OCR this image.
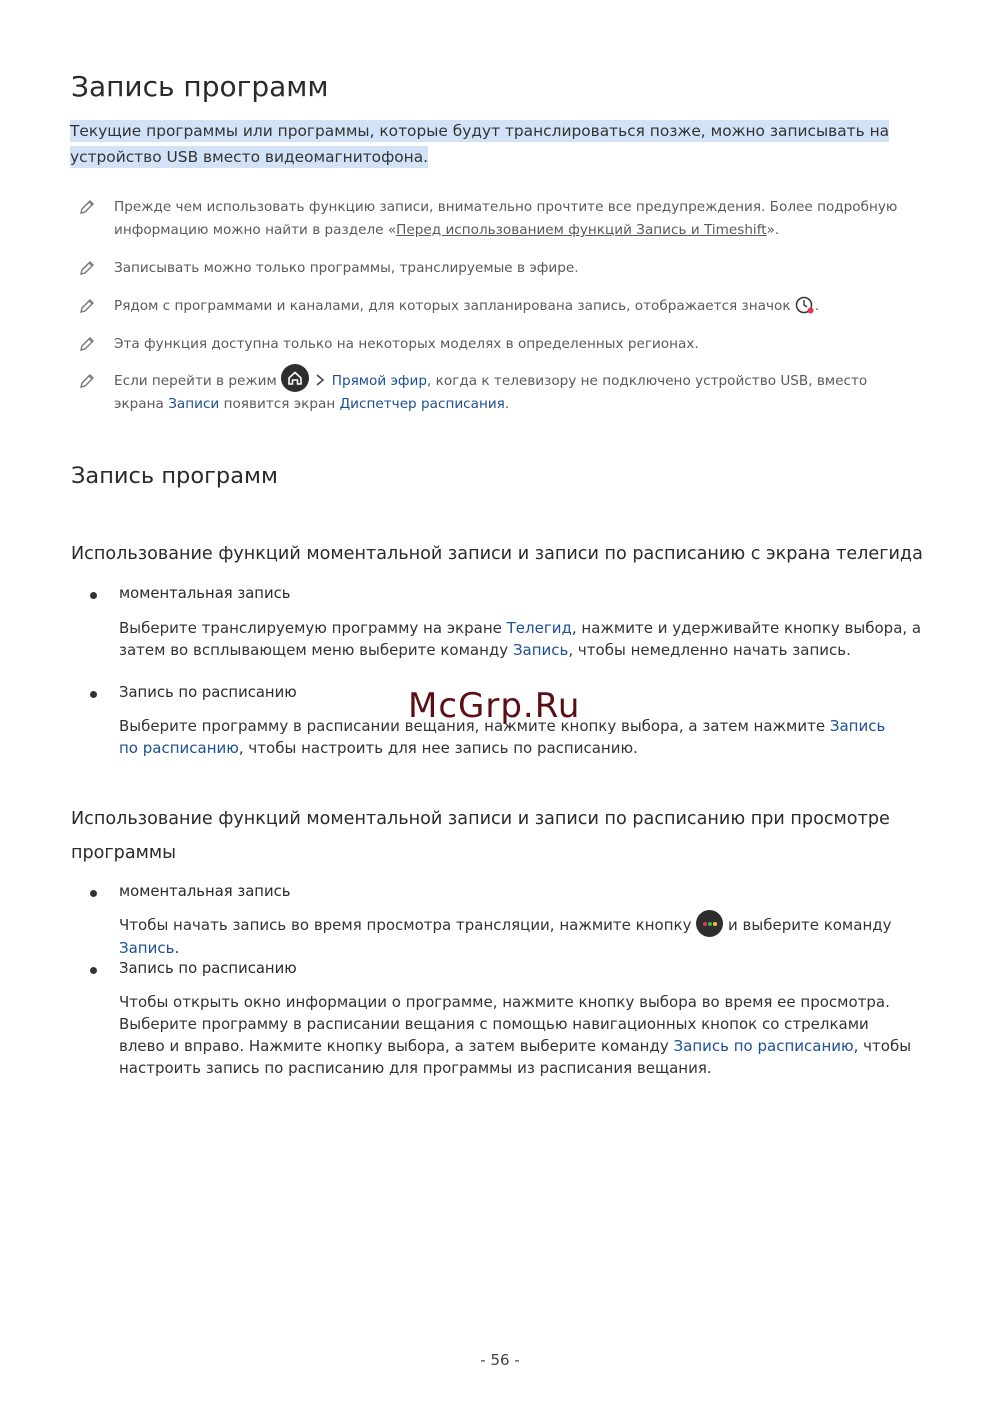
Запись программ
Текущие программы или программы, которые будут транслироваться позже, можно записывать на устройство USB вместо видеомагнитофона.
Прежде чем использовать функцию записи, внимательно прочтите все предупреждения. Более подробную информацию можно найти в разделе «Перед использованием функций Запись и Timeshift».
Записывать можно только программы, транслируемые в эфире.
Рядом с программами и каналами, для которых запланирована запись, отображается значок .
Эта функция доступна только на некоторых моделях в определенных регионах.
Если перейти в режим	Прямой эфир, когда к телевизору не подключено устройство USB, вместо экрана Записи появится экран Диспетчер расписания.
Запись программ
Использование функций моментальной записи и записи по расписанию с экрана телегида
моментальная запись
Выберите транслируемую программу на экране Телегид, нажмите и удерживайте кнопку выбора, а затем во всплывающем меню выберите команду Запись, чтобы немедленно начать запись.
Запись по расписанию
Выберите программу в расписании вещания, нажмите кнопку выбора, а затем нажмите Запись по расписанию, чтобы настроить для нее запись по расписанию.
Использование функций моментальной записи и записи по расписанию при просмотре программы
моментальная запись
Чтобы начать запись во время просмотра трансляции, нажмите кнопку и выберите команду Запись.
Запись по расписанию
Чтобы открыть окно информации о программе, нажмите кнопку выбора во время ее просмотра. Выберите программу в расписании вещания с помощью навигационных кнопок со стрелками влево и вправо. Нажмите кнопку выбора, а затем выберите команду Запись по расписанию, чтобы настроить запись по расписанию для программы из расписания вещания.
McGrp.Ru
- 56 -
